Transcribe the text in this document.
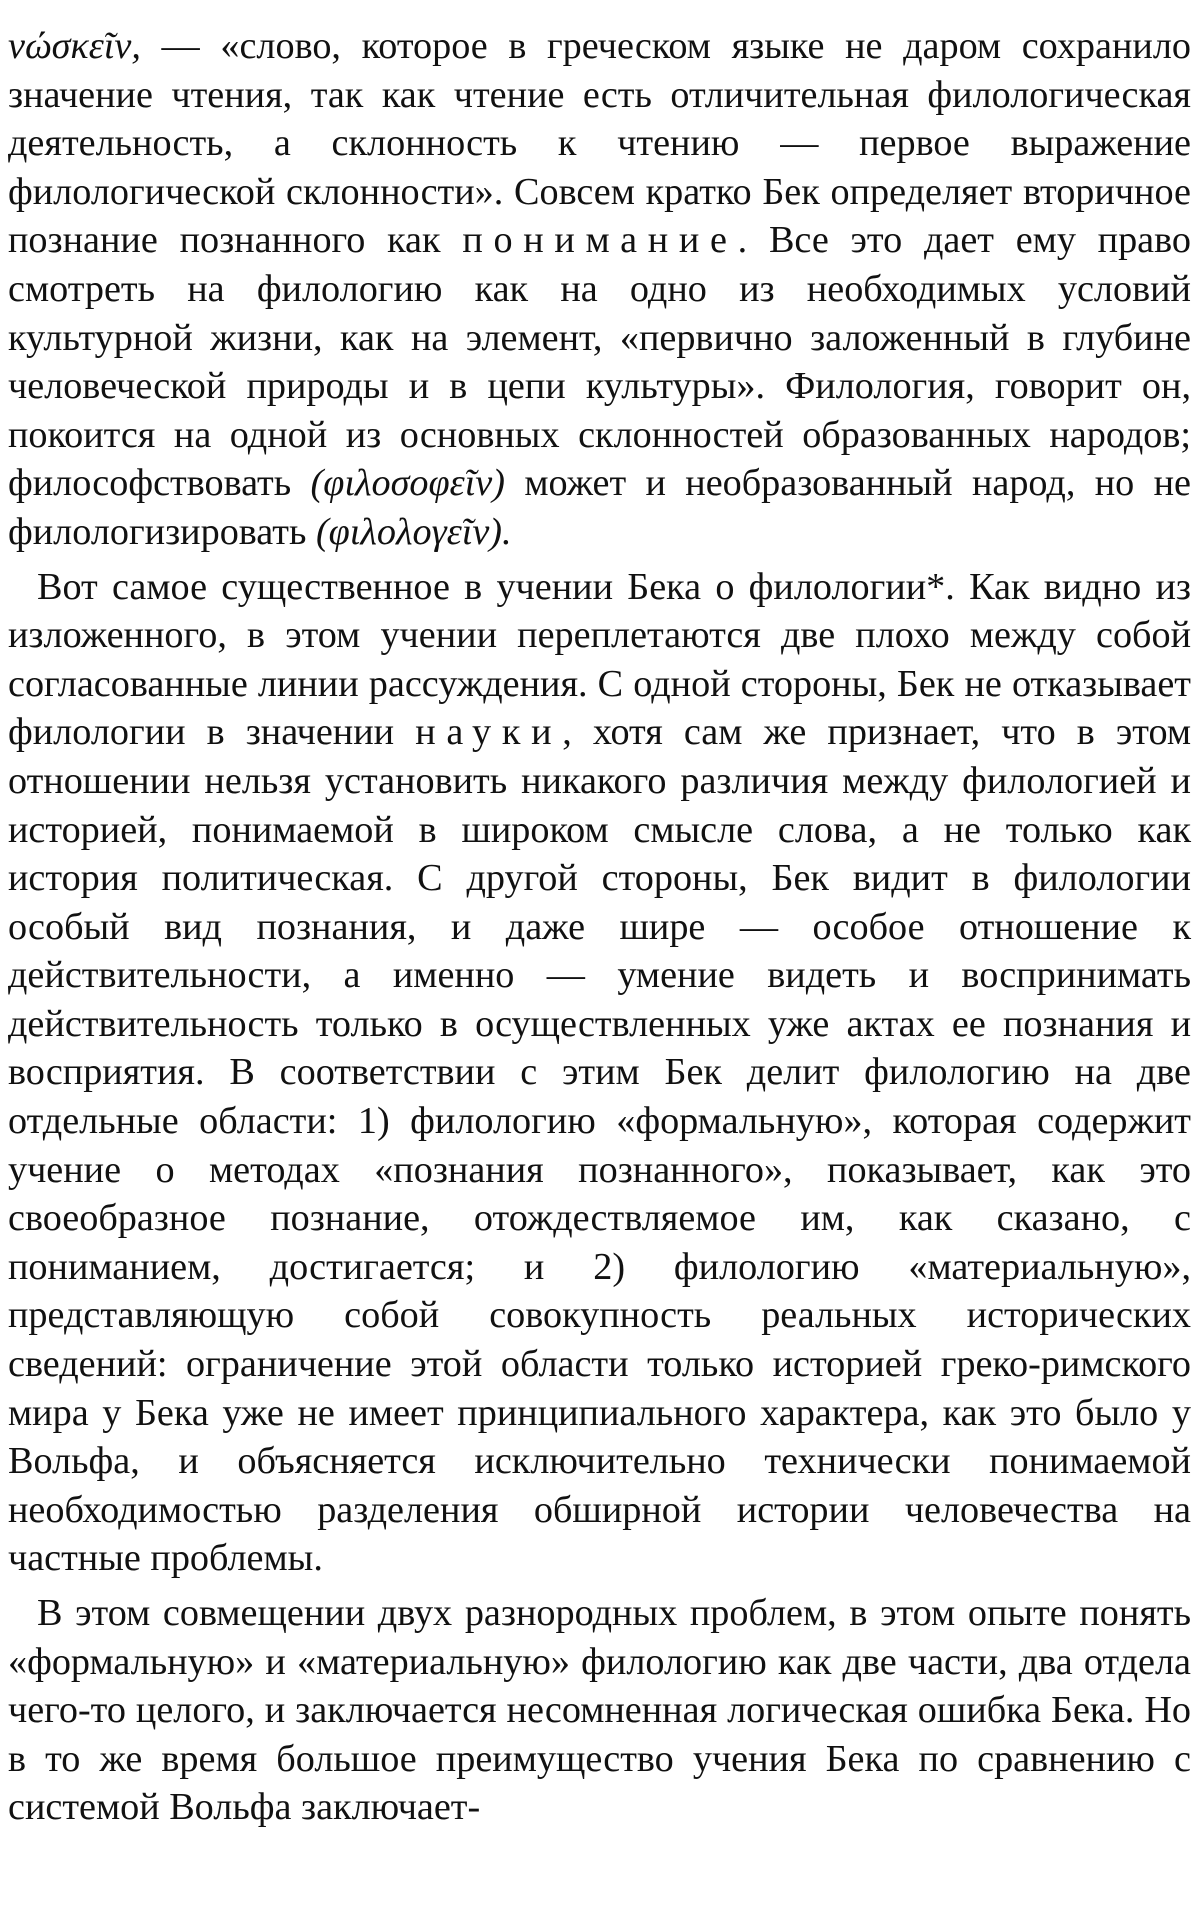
νώσκεῖν, — «слово, которое в греческом языке не даром сохранило значение чтения, так как чтение есть отличительная филологическая деятельность, а склонность к чтению — первое выражение филологической склонности». Совсем кратко Бек определяет вторичное познание познанного как понимание. Все это дает ему право смотреть на филологию как на одно из необходимых условий культурной жизни, как на элемент, «первично заложенный в глубине человеческой природы и в цепи культуры». Филология, говорит он, покоится на одной из основных склонностей образованных народов; философствовать (φιλοσοφεῖν) может и необразованный народ, но не филологизировать (φιλολογεῖν).

Вот самое существенное в учении Бека о филологии*. Как видно из изложенного, в этом учении переплетаются две плохо между собой согласованные линии рассуждения. С одной стороны, Бек не отказывает филологии в значении науки, хотя сам же признает, что в этом отношении нельзя установить никакого различия между филологией и историей, понимаемой в широком смысле слова, а не только как история политическая. С другой стороны, Бек видит в филологии особый вид познания, и даже шире — особое отношение к действительности, а именно — умение видеть и воспринимать действительность только в осуществленных уже актах ее познания и восприятия. В соответствии с этим Бек делит филологию на две отдельные области: 1) филологию «формальную», которая содержит учение о методах «познания познанного», показывает, как это своеобразное познание, отождествляемое им, как сказано, с пониманием, достигается; и 2) филологию «материальную», представляющую собой совокупность реальных исторических сведений: ограничение этой области только историей греко-римского мира у Бека уже не имеет принципиального характера, как это было у Вольфа, и объясняется исключительно технически понимаемой необходимостью разделения обширной истории человечества на частные проблемы.

В этом совмещении двух разнородных проблем, в этом опыте понять «формальную» и «материальную» филологию как две части, два отдела чего-то целого, и заключается несомненная логическая ошибка Бека. Но в то же время большое преимущество учения Бека по сравнению с системой Вольфа заключает-
